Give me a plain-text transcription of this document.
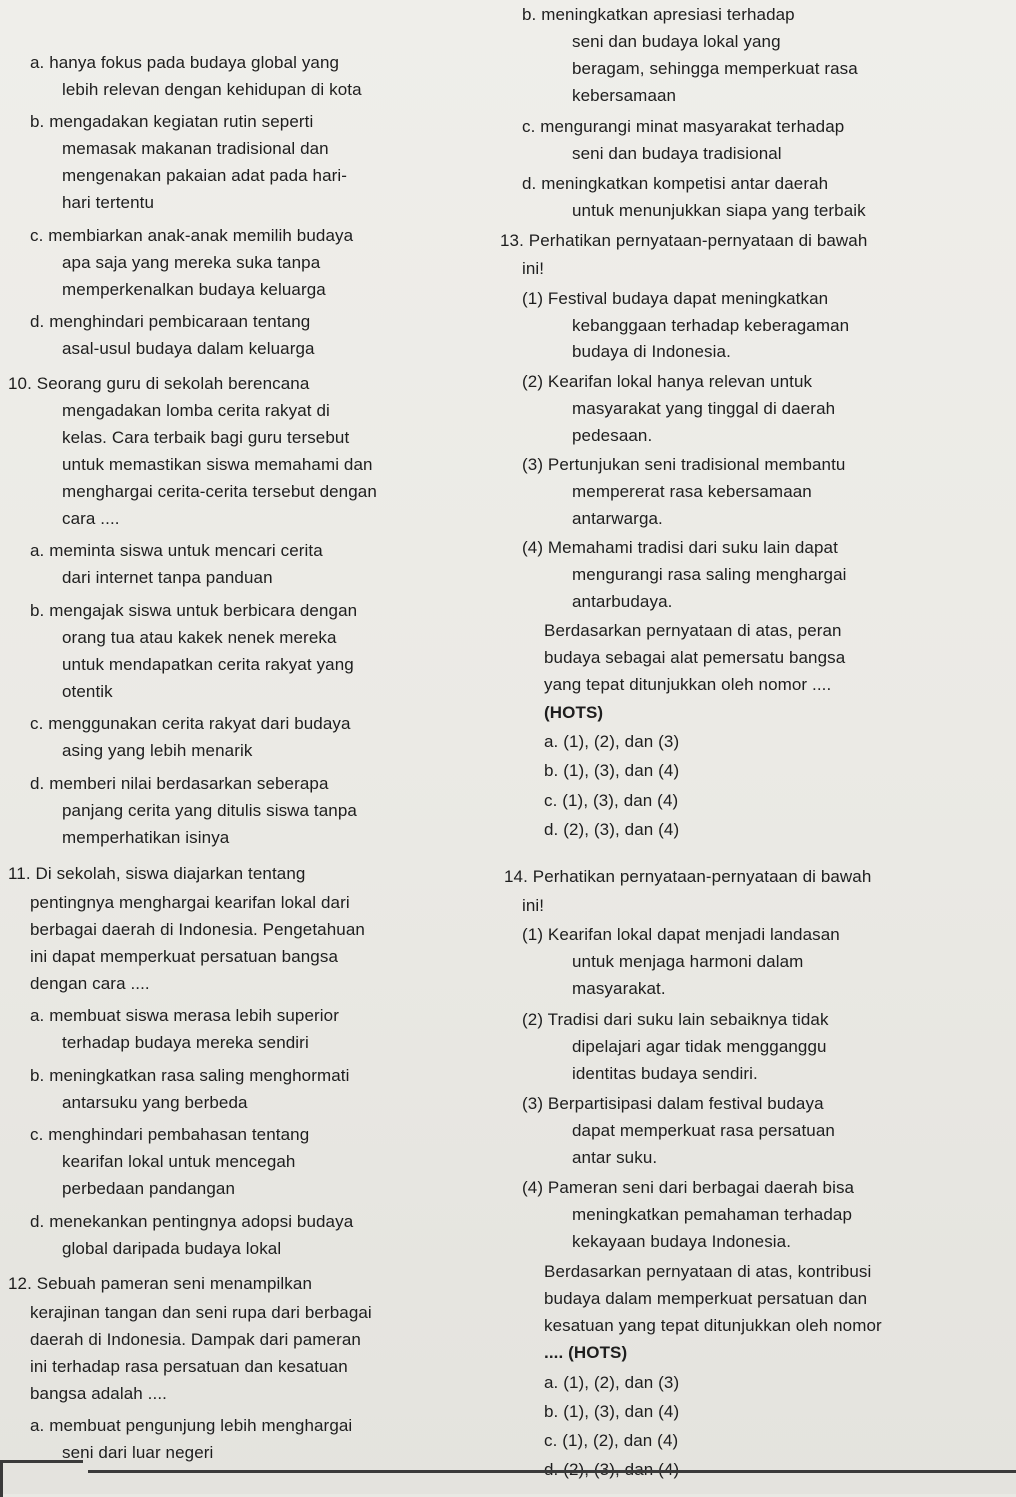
a. hanya fokus pada budaya global yang
lebih relevan dengan kehidupan di kota
b. mengadakan kegiatan rutin seperti
memasak makanan tradisional dan
mengenakan pakaian adat pada hari-
hari tertentu
c. membiarkan anak-anak memilih budaya
apa saja yang mereka suka tanpa
memperkenalkan budaya keluarga
d. menghindari pembicaraan tentang
asal-usul budaya dalam keluarga
10. Seorang guru di sekolah berencana
mengadakan lomba cerita rakyat di
kelas. Cara terbaik bagi guru tersebut
untuk memastikan siswa memahami dan
menghargai cerita-cerita tersebut dengan
cara ....
a. meminta siswa untuk mencari cerita
dari internet tanpa panduan
b. mengajak siswa untuk berbicara dengan
orang tua atau kakek nenek mereka
untuk mendapatkan cerita rakyat yang
otentik
c. menggunakan cerita rakyat dari budaya
asing yang lebih menarik
d. memberi nilai berdasarkan seberapa
panjang cerita yang ditulis siswa tanpa
memperhatikan isinya
11. Di sekolah, siswa diajarkan tentang
pentingnya menghargai kearifan lokal dari
berbagai daerah di Indonesia. Pengetahuan
ini dapat memperkuat persatuan bangsa
dengan cara ....
a. membuat siswa merasa lebih superior
terhadap budaya mereka sendiri
b. meningkatkan rasa saling menghormati
antarsuku yang berbeda
c. menghindari pembahasan tentang
kearifan lokal untuk mencegah
perbedaan pandangan
d. menekankan pentingnya adopsi budaya
global daripada budaya lokal
12. Sebuah pameran seni menampilkan
kerajinan tangan dan seni rupa dari berbagai
daerah di Indonesia. Dampak dari pameran
ini terhadap rasa persatuan dan kesatuan
bangsa adalah ....
a. membuat pengunjung lebih menghargai
seni dari luar negeri
b. meningkatkan apresiasi terhadap
seni dan budaya lokal yang
beragam, sehingga memperkuat rasa
kebersamaan
c. mengurangi minat masyarakat terhadap
seni dan budaya tradisional
d. meningkatkan kompetisi antar daerah
untuk menunjukkan siapa yang terbaik
13. Perhatikan pernyataan-pernyataan di bawah
ini!
(1) Festival budaya dapat meningkatkan
kebanggaan terhadap keberagaman
budaya di Indonesia.
(2) Kearifan lokal hanya relevan untuk
masyarakat yang tinggal di daerah
pedesaan.
(3) Pertunjukan seni tradisional membantu
mempererat rasa kebersamaan
antarwarga.
(4) Memahami tradisi dari suku lain dapat
mengurangi rasa saling menghargai
antarbudaya.
Berdasarkan pernyataan di atas, peran
budaya sebagai alat pemersatu bangsa
yang tepat ditunjukkan oleh nomor ....
(HOTS)
a. (1), (2), dan (3)
b. (1), (3), dan (4)
c. (1), (3), dan (4)
d. (2), (3), dan (4)
14. Perhatikan pernyataan-pernyataan di bawah
ini!
(1) Kearifan lokal dapat menjadi landasan
untuk menjaga harmoni dalam
masyarakat.
(2) Tradisi dari suku lain sebaiknya tidak
dipelajari agar tidak mengganggu
identitas budaya sendiri.
(3) Berpartisipasi dalam festival budaya
dapat memperkuat rasa persatuan
antar suku.
(4) Pameran seni dari berbagai daerah bisa
meningkatkan pemahaman terhadap
kekayaan budaya Indonesia.
Berdasarkan pernyataan di atas, kontribusi
budaya dalam memperkuat persatuan dan
kesatuan yang tepat ditunjukkan oleh nomor
.... (HOTS)
a. (1), (2), dan (3)
b. (1), (3), dan (4)
c. (1), (2), dan (4)
